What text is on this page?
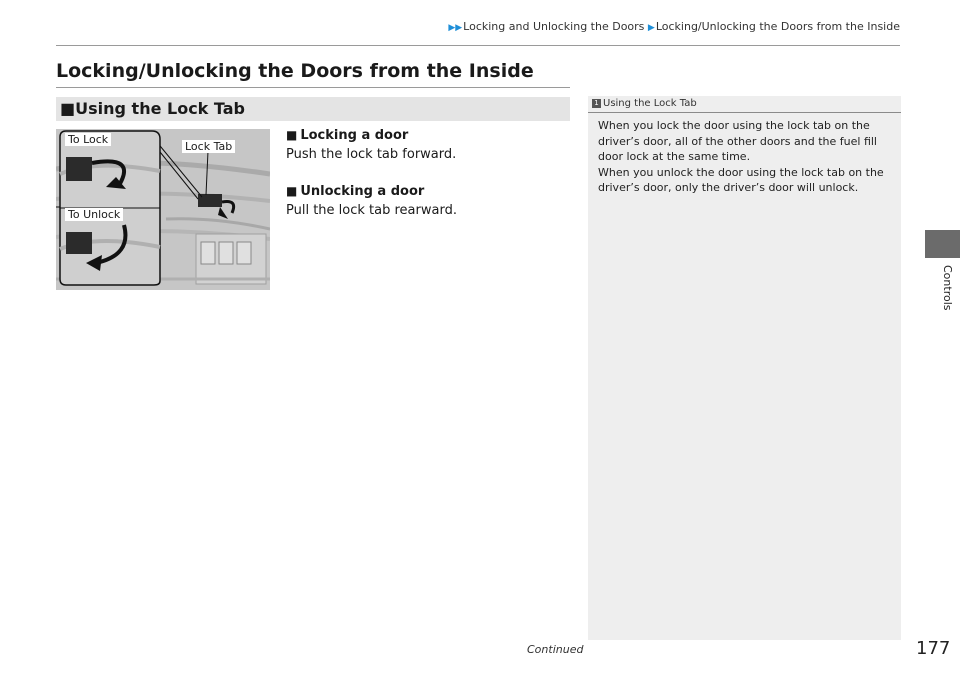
▶▶Locking and Unlocking the Doors ▶Locking/Unlocking the Doors from the Inside
Locking/Unlocking the Doors from the Inside
■Using the Lock Tab
To Lock
Lock Tab
To Unlock
■ Locking a door
Push the lock tab forward.
■ Unlocking a door
Pull the lock tab rearward.
1 Using the Lock Tab

When you lock the door using the lock tab on the driver’s door, all of the other doors and the fuel fill door lock at the same time.

When you unlock the door using the lock tab on the driver’s door, only the driver’s door will unlock.

Controls
Continued	177
